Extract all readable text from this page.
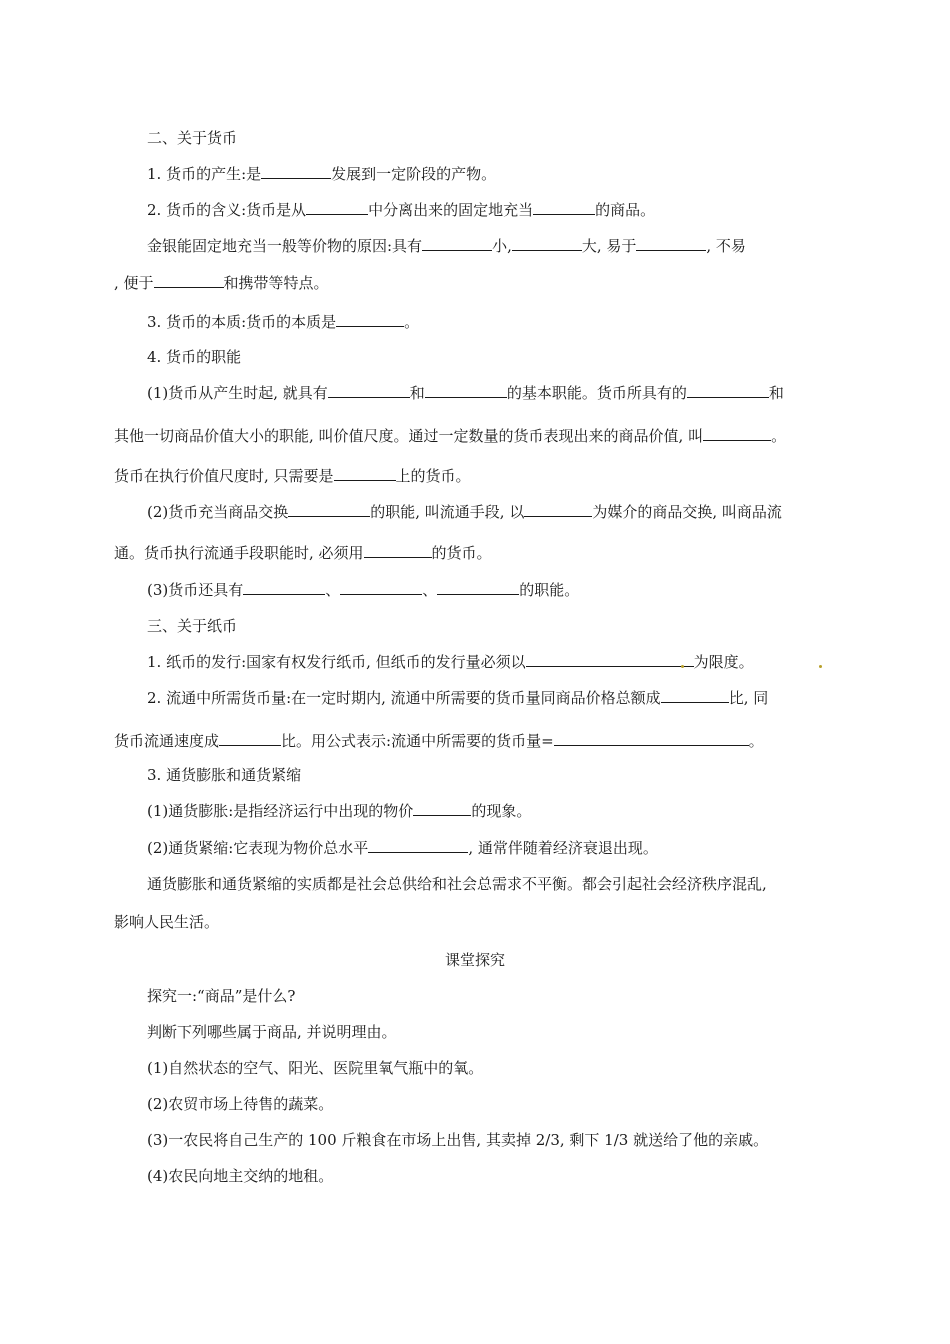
二、关于货币
1. 货币的产生:是	发展到一定阶段的产物。
2. 货币的含义:货币是从	中分离出来的固定地充当	的商品。
金银能固定地充当一般等价物的原因:具有	小,	大, 易于	, 不易
, 便于	和携带等特点。
3. 货币的本质:货币的本质是	。
4. 货币的职能
(1)货币从产生时起, 就具有	和	的基本职能。货币所具有的	和
其他一切商品价值大小的职能, 叫价值尺度。通过一定数量的货币表现出来的商品价值, 叫	。
货币在执行价值尺度时, 只需要是	上的货币。
(2)货币充当商品交换	的职能, 叫流通手段, 以	为媒介的商品交换, 叫商品流
通。货币执行流通手段职能时, 必须用	的货币。
(3)货币还具有	、	、	的职能。
三、关于纸币
1. 纸币的发行:国家有权发行纸币, 但纸币的发行量必须以	为限度。
2. 流通中所需货币量:在一定时期内, 流通中所需要的货币量同商品价格总额成	比, 同
货币流通速度成	比。用公式表示:流通中所需要的货币量=	。
3. 通货膨胀和通货紧缩
(1)通货膨胀:是指经济运行中出现的物价	的现象。
(2)通货紧缩:它表现为物价总水平	, 通常伴随着经济衰退出现。
通货膨胀和通货紧缩的实质都是社会总供给和社会总需求不平衡。都会引起社会经济秩序混乱,
影响人民生活。
课堂探究
探究一:“商品”是什么?
判断下列哪些属于商品, 并说明理由。
(1)自然状态的空气、阳光、医院里氧气瓶中的氧。
(2)农贸市场上待售的蔬菜。
(3)一农民将自己生产的 100 斤粮食在市场上出售, 其卖掉 2/3, 剩下 1/3 就送给了他的亲戚。
(4)农民向地主交纳的地租。
